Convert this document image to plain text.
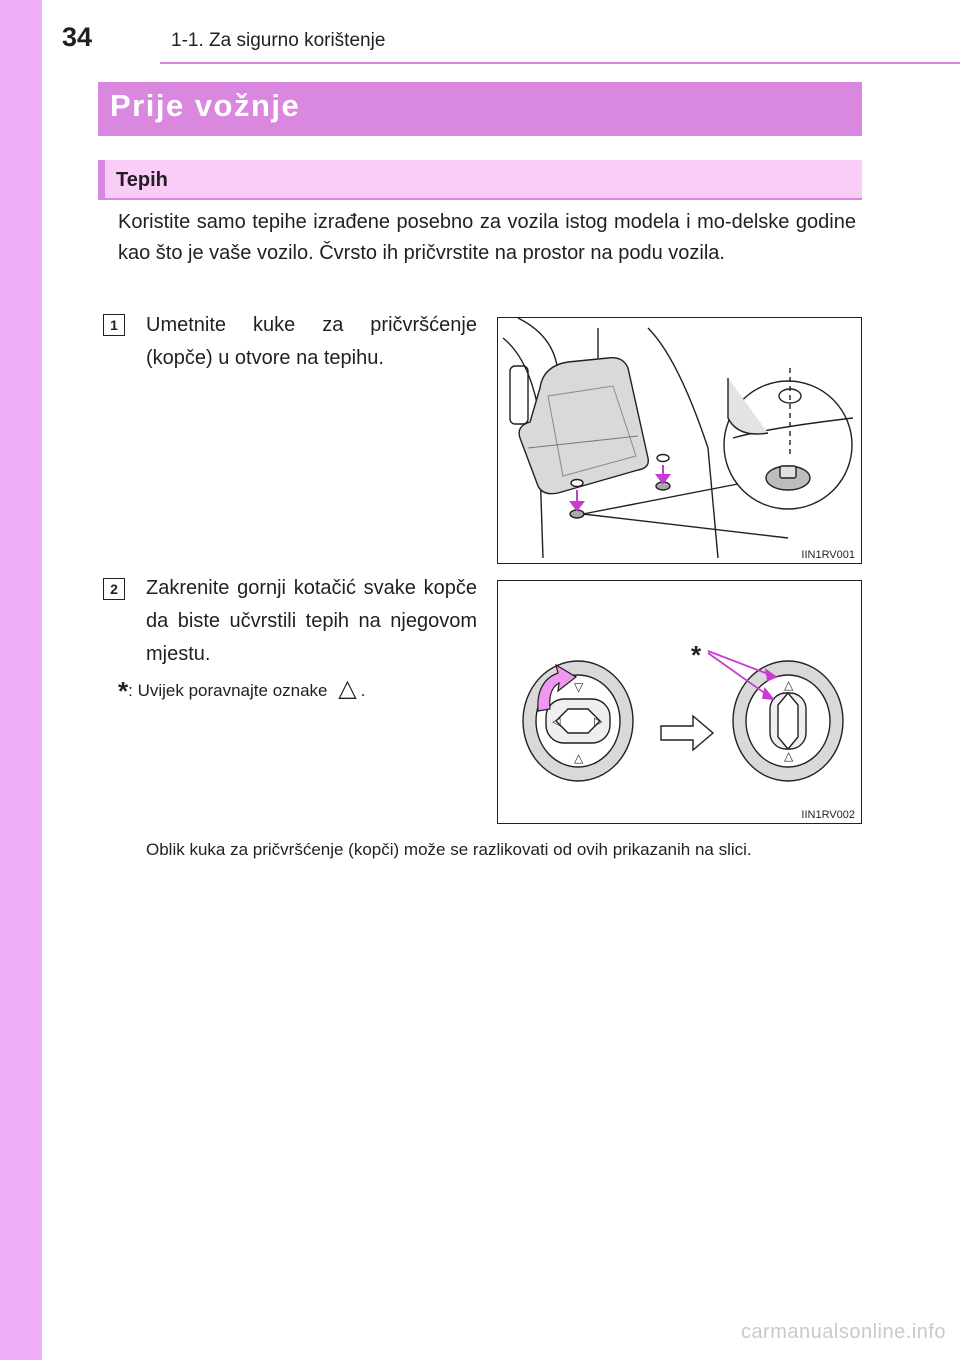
34	1-1. Za sigurno korištenje
Prije vožnje
Tepih

Koristite samo tepihe izrađene posebno za vozila istog modela i mo-delske godine kao što je vaše vozilo. Čvrsto ih pričvrstite na prostor na podu vozila.

1	Umetnite kuke za pričvršćenje (kopče) u otvore na tepihu.

IIN1RV001
2	Zakrenite gornji kotačić svake kopče da biste učvrstili tepih na njegovom mjestu.

*: Uvijek poravnajte oznake △ .	▽
△
◁	▷
△
△
*
IIN1RV002

Oblik kuka za pričvršćenje (kopči) može se razlikovati od ovih prikazanih na slici.

carmanualsonline.info
